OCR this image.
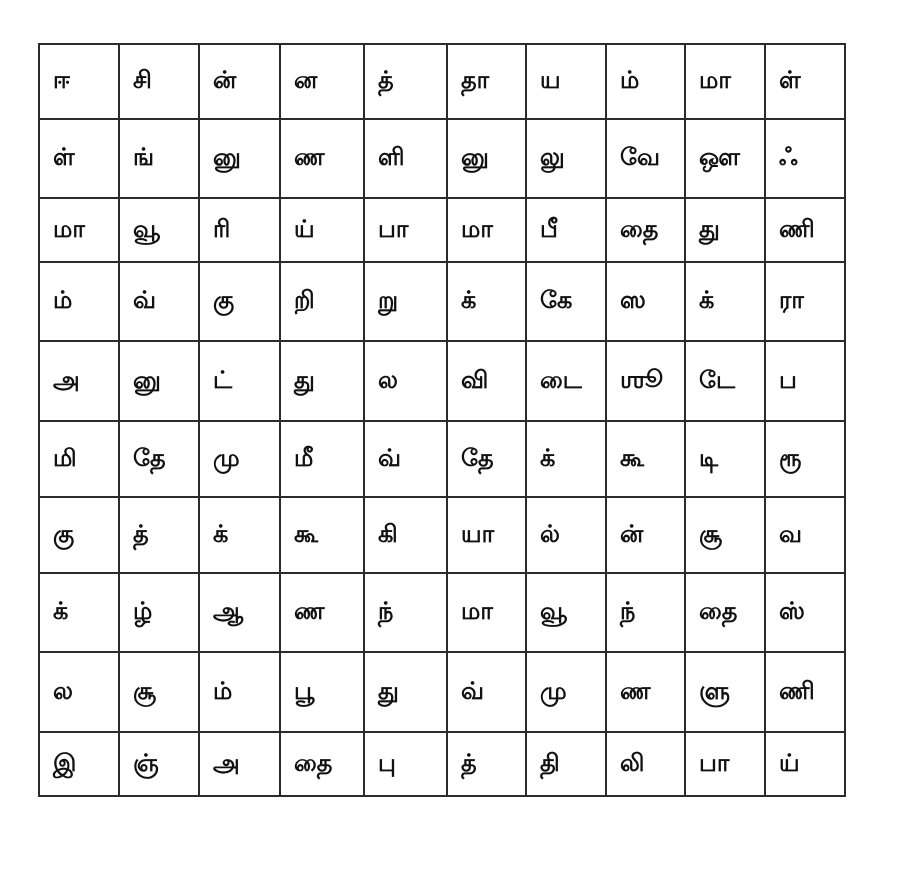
ஈ	சி	ன்	ன	த்	தா	ய	ம்	மா	ள்
ள்	ங்	னு	ண	ளி	னு	லு	வே	ஔ	ஃ
மா	வூ	ரி	ய்	பா	மா	பீ	தை	து	ணி
ம்	வ்	கு	றி	று	க்	கே	ஸ	க்	ரா
அ	னு	ட்	து	ல	வி	டை	ஶூ	டே	ப
மி	தே	மு	மீ	வ்	தே	க்	கூ	டி	ரூ
கு	த்	க்	கூ	கி	யா	ல்	ன்	சூ	வ
க்	ழ்	ஆ	ண	ந்	மா	வூ	ந்	தை	ஸ்
ல	சூ	ம்	பூ	து	வ்	மு	ண	ளு	ணி
இ	ஞ்	அ	தை	பு	த்	தி	லி	பா	ய்
